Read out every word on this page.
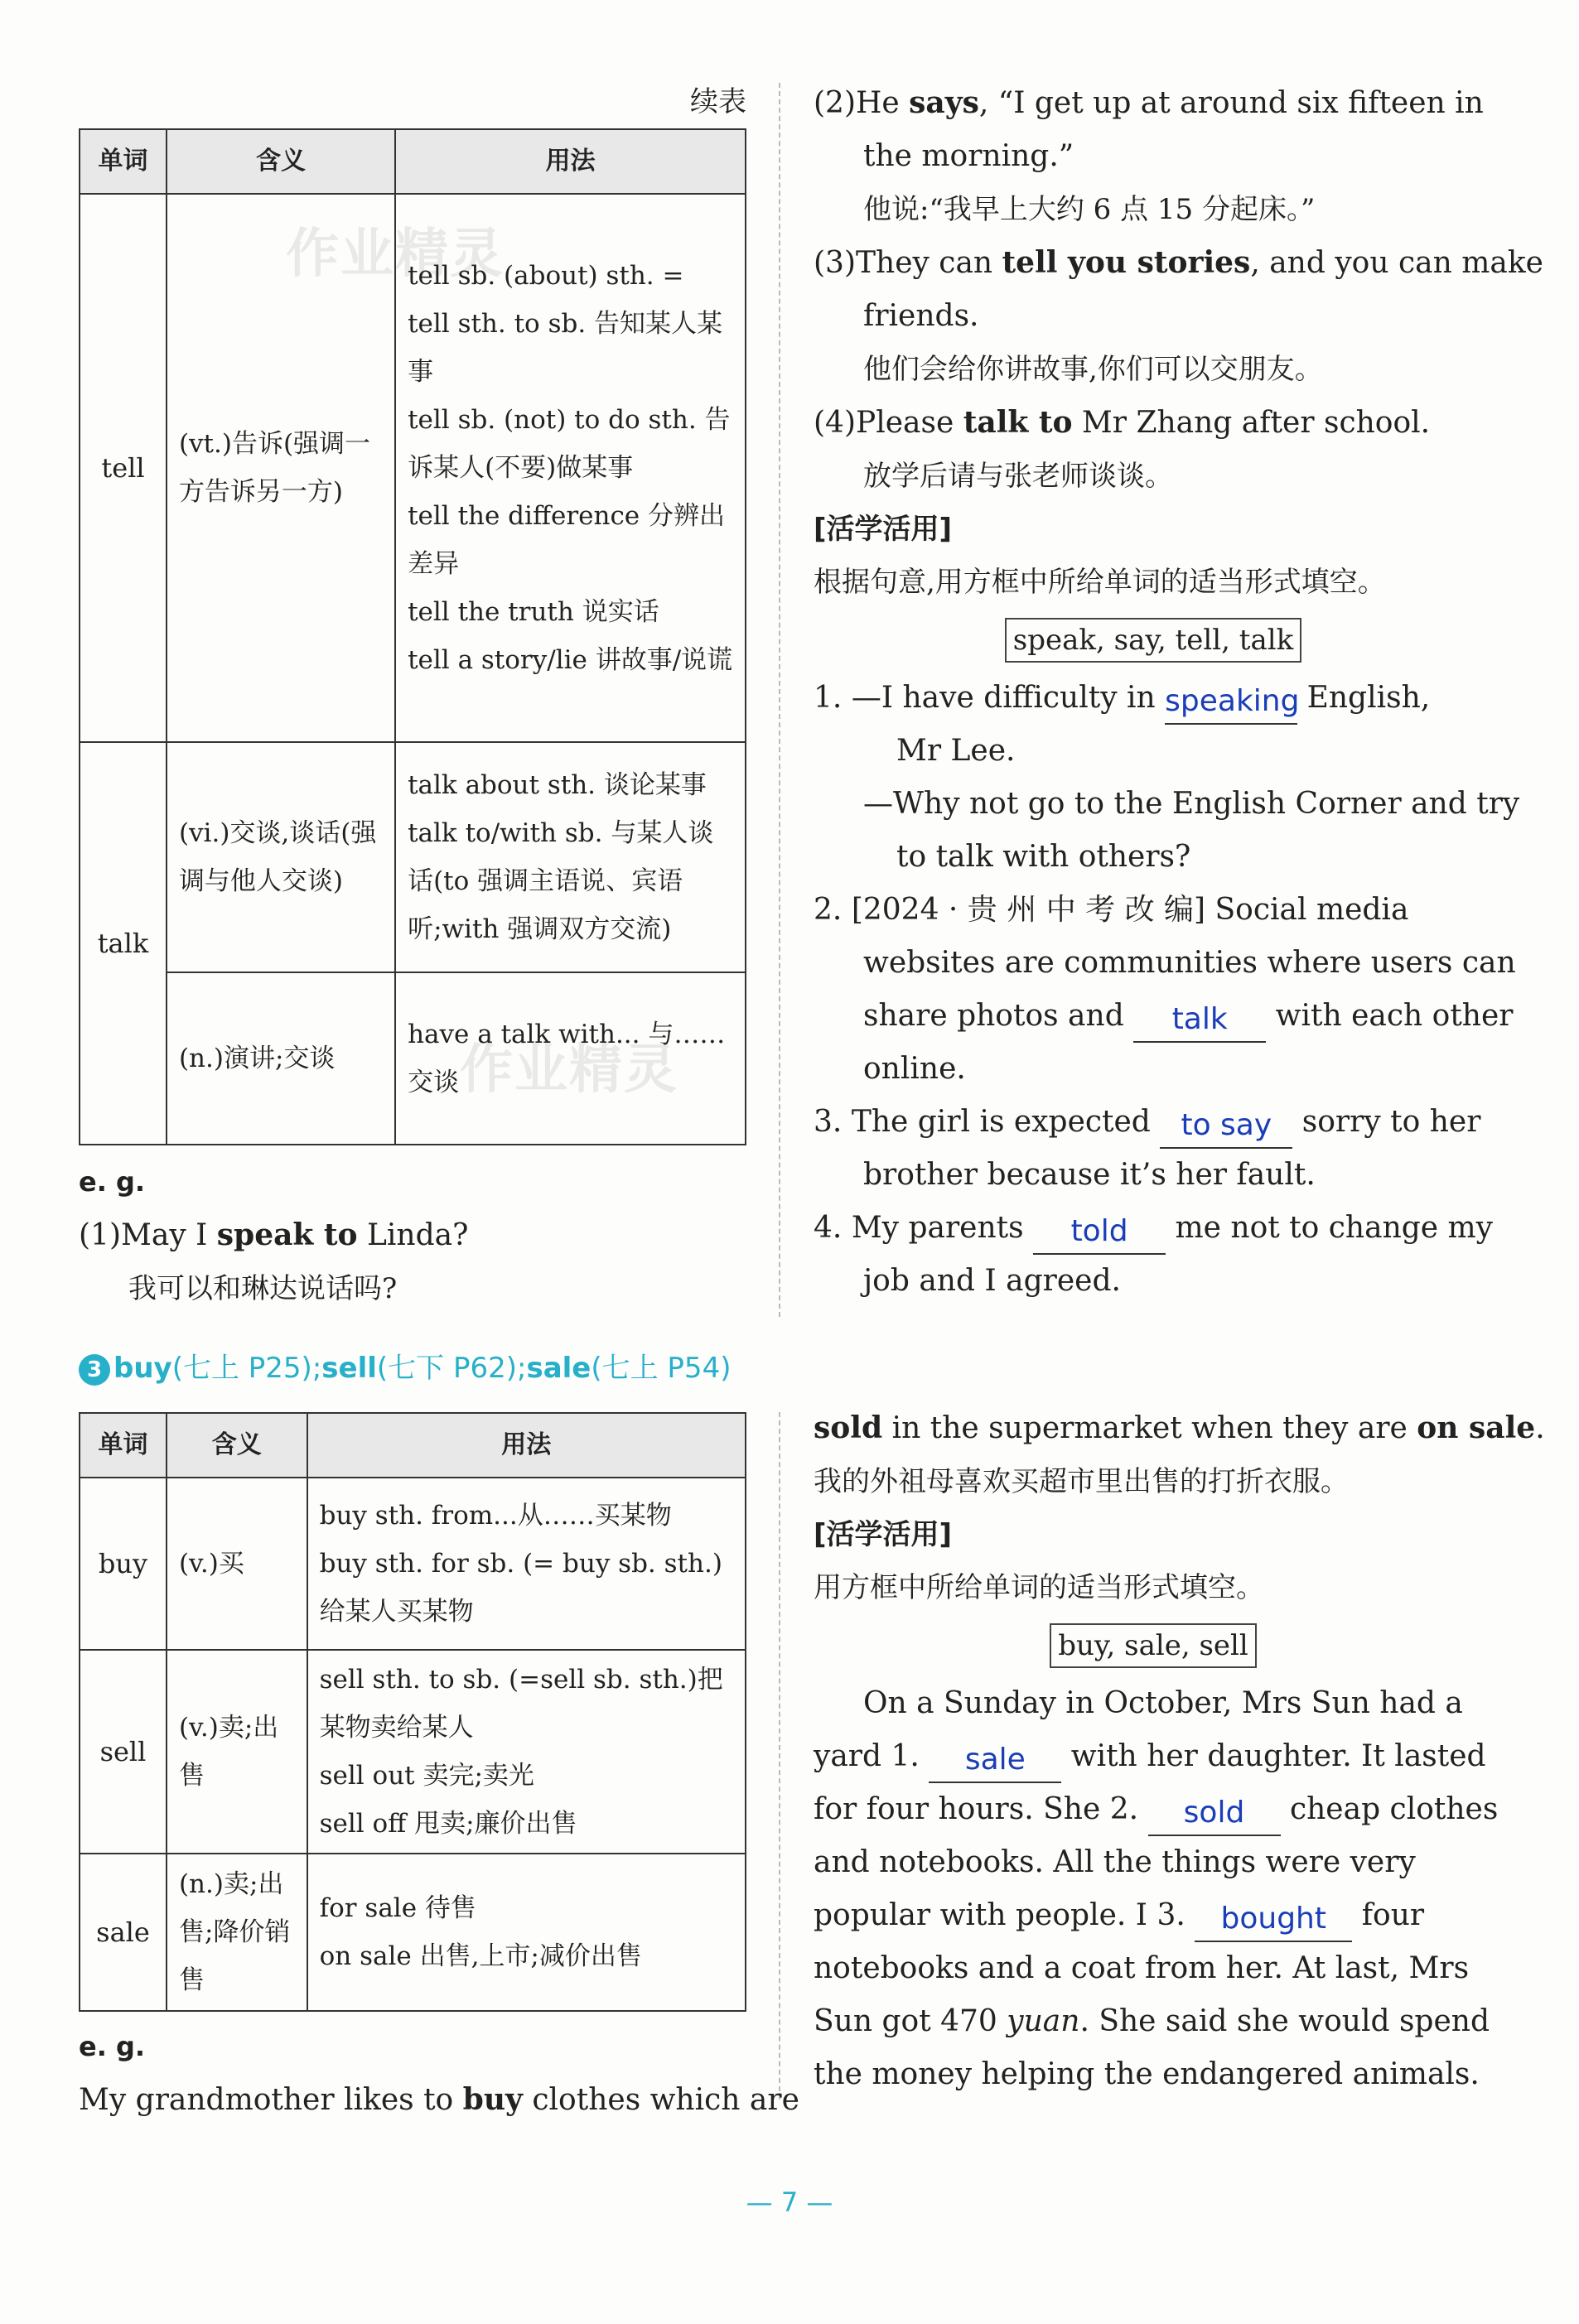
作业精灵
作业精灵
续表
单词	含义	用法
tell	(vt.)告诉(强调一方告诉另一方)	tell sb. (about) sth. = tell sth. to sb. 告知某人某事
tell sb. (not) to do sth. 告诉某人(不要)做某事
tell the difference 分辨出差异
tell the truth 说实话
tell a story/lie 讲故事/说谎

talk	(vi.)交谈,谈话(强调与他人交谈)	talk about sth. 谈论某事
talk to/with sb. 与某人谈话(to 强调主语说、宾语听;with 强调双方交流)

	(n.)演讲;交谈	have a talk with... 与……交谈
e. g.
(1)May I speak to Linda?
我可以和琳达说话吗?
(2)He says, “I get up at around six fifteen in
the morning.”
他说:“我早上大约 6 点 15 分起床。”
(3)They can tell you stories, and you can make
friends.
他们会给你讲故事,你们可以交朋友。
(4)Please talk to Mr Zhang after school.
放学后请与张老师谈谈。
[活学活用]
根据句意,用方框中所给单词的适当形式填空。
speak, say, tell, talk
1. —I have difficulty in speaking English,
Mr Lee.
—Why not go to the English Corner and try
to talk with others?
2. [2024 · 贵 州 中 考 改 编] Social media
websites are communities where users can
share photos and talk with each other
online.
3. The girl is expected to say sorry to her
brother because it’s her fault.
4. My parents told me not to change my
job and I agreed.
3 buy(七上 P25);sell(七下 P62);sale(七上 P54)
单词	含义	用法
buy	(v.)买	buy sth. from...从……买某物
buy sth. for sb. (= buy sb. sth.)给某人买某物

sell	(v.)卖;出售	sell sth. to sb. (=sell sb. sth.)把某物卖给某人
sell out 卖完;卖光
sell off 甩卖;廉价出售

sale	(n.)卖;出售;降价销售	for sale 待售
on sale 出售,上市;减价出售
e. g.
My grandmother likes to buy clothes which are
sold in the supermarket when they are on sale.
我的外祖母喜欢买超市里出售的打折衣服。
[活学活用]
用方框中所给单词的适当形式填空。
buy, sale, sell
On a Sunday in October, Mrs Sun had a
yard 1. sale with her daughter. It lasted
for four hours. She 2. sold cheap clothes
and notebooks. All the things were very
popular with people. I 3. bought four
notebooks and a coat from her. At last, Mrs
Sun got 470 yuan. She said she would spend
the money helping the endangered animals.
— 7 —
